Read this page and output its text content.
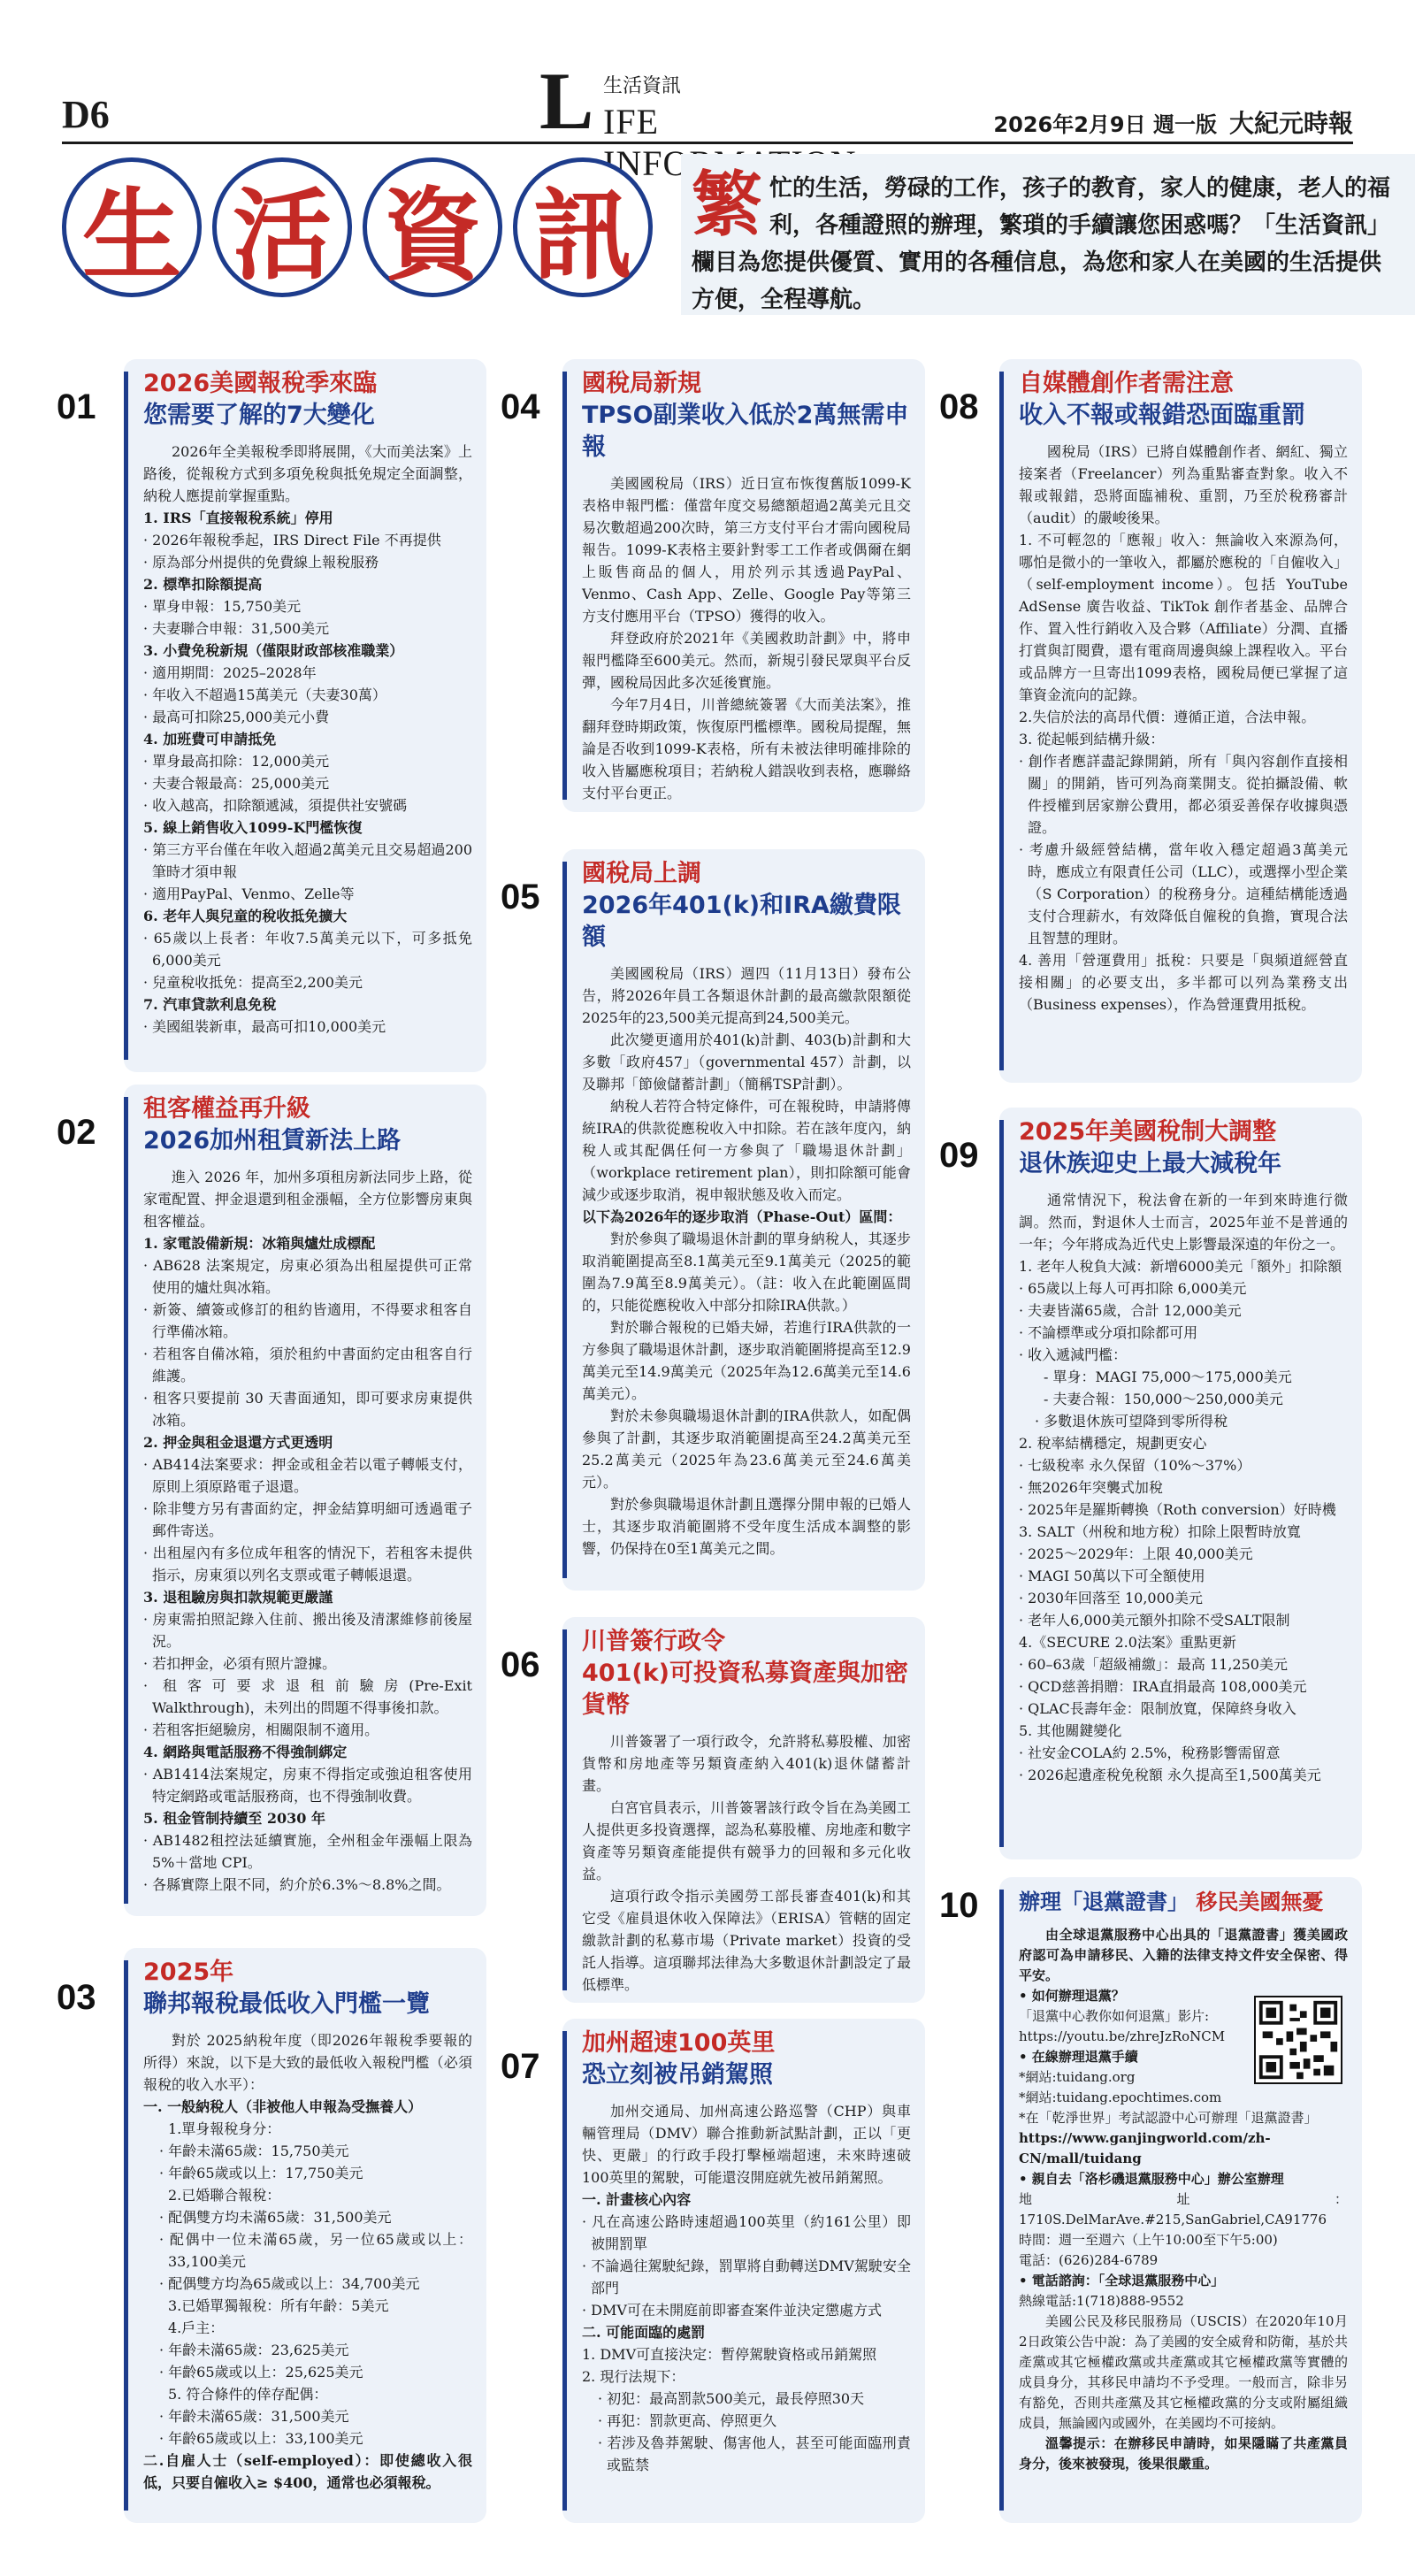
D6	L 生活資訊
IFE	2026年2月9日 週一版 大紀元時報
生 活 資 訊 繁忙的生活，勞碌的工作，孩子的教育，家人的健康，老人的福利，各種證照的辦理，繁瑣的手續讓您困惑嗎？「生活資訊」欄目為您提供優質、實用的各種信息，為您和家人在美國的生活提供方便，全程導航。
01
2026美國報稅季來臨
您需要了解的7大變化

2026年全美報稅季即將展開，《大而美法案》上路後，從報稅方式到多項免稅與抵免規定全面調整，納稅人應提前掌握重點。

1. IRS「直接報稅系統」停用

· 2026年報稅季起，IRS Direct File 不再提供

· 原為部分州提供的免費線上報稅服務

2. 標準扣除額提高

· 單身申報：15,750美元

· 夫妻聯合申報：31,500美元

3. 小費免稅新規（僅限財政部核准職業）

· 適用期間：2025–2028年

· 年收入不超過15萬美元（夫妻30萬）

· 最高可扣除25,000美元小費

4. 加班費可申請抵免

· 單身最高扣除：12,000美元

· 夫妻合報最高：25,000美元

· 收入越高，扣除額遞減，須提供社安號碼

5. 線上銷售收入1099-K門檻恢復

· 第三方平台僅在年收入超過2萬美元且交易超過200筆時才須申報

· 適用PayPal、Venmo、Zelle等

6. 老年人與兒童的稅收抵免擴大

· 65歲以上長者：年收7.5萬美元以下，可多抵免6,000美元

· 兒童稅收抵免：提高至2,200美元

7. 汽車貸款利息免稅

· 美國組裝新車，最高可扣10,000美元

02
租客權益再升級
2026加州租賃新法上路

進入 2026 年，加州多項租房新法同步上路，從家電配置、押金退還到租金漲幅，全方位影響房東與租客權益。

1. 家電設備新規：冰箱與爐灶成標配

· AB628 法案規定，房東必須為出租屋提供可正常使用的爐灶與冰箱。

· 新簽、續簽或修訂的租約皆適用，不得要求租客自行準備冰箱。

· 若租客自備冰箱，須於租約中書面約定由租客自行維護。

· 租客只要提前 30 天書面通知，即可要求房東提供冰箱。

2. 押金與租金退還方式更透明

· AB414法案要求：押金或租金若以電子轉帳支付，原則上須原路電子退還。

· 除非雙方另有書面約定，押金結算明細可透過電子郵件寄送。

· 出租屋內有多位成年租客的情況下，若租客未提供指示，房東須以列名支票或電子轉帳退還。

3. 退租驗房與扣款規範更嚴謹

· 房東需拍照記錄入住前、搬出後及清潔維修前後屋況。

· 若扣押金，必須有照片證據。

· 租客可要求退租前驗房(Pre-Exit Walkthrough)，未列出的問題不得事後扣款。

· 若租客拒絕驗房，相關限制不適用。

4. 網路與電話服務不得強制綁定

· AB1414法案規定，房東不得指定或強迫租客使用特定網路或電話服務商，也不得強制收費。

5. 租金管制持續至 2030 年

· AB1482租控法延續實施，全州租金年漲幅上限為 5%＋當地 CPI。

· 各縣實際上限不同，約介於6.3%～8.8%之間。

03
2025年
聯邦報稅最低收入門檻一覽

對於 2025納稅年度（即2026年報稅季要報的所得）來說，以下是大致的最低收入報稅門檻（必須報稅的收入水平）：

一. 一般納稅人（非被他人申報為受撫養人）

1.單身報稅身分：

· 年齡未滿65歲：15,750美元

· 年齡65歲或以上：17,750美元

2.已婚聯合報稅：

· 配偶雙方均未滿65歲：31,500美元

· 配偶中一位未滿65歲，另一位65歲或以上：33,100美元

· 配偶雙方均為65歲或以上：34,700美元

3.已婚單獨報稅：所有年齡：5美元

4.戶主：

· 年齡未滿65歲：23,625美元

· 年齡65歲或以上：25,625美元

5. 符合條件的倖存配偶：

· 年齡未滿65歲：31,500美元

· 年齡65歲或以上：33,100美元

二.自雇人士（self-employed）：即使總收入很低，只要自僱收入≥ $400，通常也必須報稅。

04
國稅局新規
TPSO副業收入低於2萬無需申報

美國國稅局（IRS）近日宣布恢復舊版1099-K表格申報門檻：僅當年度交易總額超過2萬美元且交易次數超過200次時，第三方支付平台才需向國稅局報告。1099-K表格主要針對零工工作者或偶爾在網上販售商品的個人，用於列示其透過PayPal、Venmo、Cash App、Zelle、Google Pay等第三方支付應用平台（TPSO）獲得的收入。

拜登政府於2021年《美國救助計劃》中，將申報門檻降至600美元。然而，新規引發民眾與平台反彈，國稅局因此多次延後實施。

今年7月4日，川普總統簽署《大而美法案》，推翻拜登時期政策，恢復原門檻標準。國稅局提醒，無論是否收到1099-K表格，所有未被法律明確排除的收入皆屬應稅項目；若納稅人錯誤收到表格，應聯絡支付平台更正。

05
國稅局上調
2026年401(k)和IRA繳費限額

美國國稅局（IRS）週四（11月13日）發布公告，將2026年員工各類退休計劃的最高繳款限額從2025年的23,500美元提高到24,500美元。

此次變更適用於401(k)計劃、403(b)計劃和大多數「政府457」（governmental 457）計劃，以及聯邦「節儉儲蓄計劃」（簡稱TSP計劃）。

納稅人若符合特定條件，可在報稅時，申請將傳統IRA的供款從應稅收入中扣除。若在該年度內，納稅人或其配偶任何一方參與了「職場退休計劃」（workplace retirement plan），則扣除額可能會減少或逐步取消，視申報狀態及收入而定。

以下為2026年的逐步取消（Phase-Out）區間：

對於參與了職場退休計劃的單身納稅人，其逐步取消範圍提高至8.1萬美元至9.1萬美元（2025的範圍為7.9萬至8.9萬美元）。（註：收入在此範圍區間的，只能從應稅收入中部分扣除IRA供款。）

對於聯合報稅的已婚夫婦，若進行IRA供款的一方參與了職場退休計劃，逐步取消範圍將提高至12.9萬美元至14.9萬美元（2025年為12.6萬美元至14.6萬美元）。

對於未參與職場退休計劃的IRA供款人，如配偶參與了計劃，其逐步取消範圍提高至24.2萬美元至25.2萬美元（2025年為23.6萬美元至24.6萬美元）。

對於參與職場退休計劃且選擇分開申報的已婚人士，其逐步取消範圍將不受年度生活成本調整的影響，仍保持在0至1萬美元之間。

06
川普簽行政令
401(k)可投資私募資產與加密貨幣

川普簽署了一項行政令，允許將私募股權、加密貨幣和房地產等另類資產納入401(k)退休儲蓄計畫。

白宮官員表示，川普簽署該行政令旨在為美國工人提供更多投資選擇，認為私募股權、房地產和數字資產等另類資產能提供有競爭力的回報和多元化收益。

這項行政令指示美國勞工部長審查401(k)和其它受《雇員退休收入保障法》（ERISA）管轄的固定繳款計劃的私募市場（Private market）投資的受託人指導。這項聯邦法律為大多數退休計劃設定了最低標準。

07
加州超速100英里
恐立刻被吊銷駕照

加州交通局、加州高速公路巡警（CHP）與車輛管理局（DMV）聯合推動新試點計劃，正以「更快、更嚴」的行政手段打擊極端超速，未來時速破100英里的駕駛，可能還沒開庭就先被吊銷駕照。

一. 計畫核心內容

· 凡在高速公路時速超過100英里（約161公里）即被開罰單

· 不論過往駕駛紀錄，罰單將自動轉送DMV駕駛安全部門

· DMV可在未開庭前即審查案件並決定懲處方式

二. 可能面臨的處罰

1. DMV可直接決定：暫停駕駛資格或吊銷駕照

2. 現行法規下：

· 初犯：最高罰款500美元，最長停照30天

· 再犯：罰款更高、停照更久

· 若涉及魯莽駕駛、傷害他人，甚至可能面臨刑責或監禁

08
自媒體創作者需注意
收入不報或報錯恐面臨重罰

國稅局（IRS）已將自媒體創作者、網紅、獨立接案者（Freelancer）列為重點審查對象。收入不報或報錯，恐將面臨補稅、重罰，乃至於稅務審計（audit）的嚴峻後果。

1. 不可輕忽的「應報」收入：無論收入來源為何，哪怕是微小的一筆收入，都屬於應稅的「自僱收入」（self-employment income）。包括 YouTube AdSense 廣告收益、TikTok 創作者基金、品牌合作、置入性行銷收入及合夥（Affiliate）分潤、直播打賞與訂閱費，還有電商周邊與線上課程收入。平台或品牌方一旦寄出1099表格，國稅局便已掌握了這筆資金流向的記錄。

2.失信於法的高昂代價：遵循正道，合法申報。

3. 從起帳到結構升級：

· 創作者應詳盡記錄開銷，所有「與內容創作直接相關」的開銷，皆可列為商業開支。從拍攝設備、軟件授權到居家辦公費用，都必須妥善保存收據與憑證。

· 考慮升級經營結構，當年收入穩定超過3萬美元時，應成立有限責任公司（LLC），或選擇小型企業（S Corporation）的稅務身分。這種結構能透過支付合理薪水，有效降低自僱稅的負擔，實現合法且智慧的理財。

4. 善用「營運費用」抵稅：只要是「與頻道經營直接相關」的必要支出，多半都可以列為業務支出（Business expenses），作為營運費用抵稅。

09
2025年美國稅制大調整
退休族迎史上最大減稅年

通常情況下，稅法會在新的一年到來時進行微調。然而，對退休人士而言，2025年並不是普通的一年；今年將成為近代史上影響最深遠的年份之一。

1. 老年人稅負大減：新增6000美元「額外」扣除額

· 65歲以上每人可再扣除 6,000美元

· 夫妻皆滿65歲，合計 12,000美元

· 不論標準或分項扣除都可用

· 收入遞減門檻：

- 單身：MAGI 75,000～175,000美元

- 夫妻合報：150,000～250,000美元

· 多數退休族可望降到零所得稅

2. 稅率結構穩定，規劃更安心

· 七級稅率 永久保留（10%～37%）

· 無2026年突襲式加稅

· 2025年是羅斯轉換（Roth conversion）好時機

3. SALT（州稅和地方稅）扣除上限暫時放寬

· 2025～2029年：上限 40,000美元

· MAGI 50萬以下可全額使用

· 2030年回落至 10,000美元

· 老年人6,000美元額外扣除不受SALT限制

4.《SECURE 2.0法案》重點更新

· 60–63歲「超級補繳」：最高 11,250美元

· QCD慈善捐贈：IRA直捐最高 108,000美元

· QLAC長壽年金：限制放寬，保障終身收入

5. 其他關鍵變化

· 社安金COLA約 2.5%，稅務影響需留意

· 2026起遺產稅免稅額 永久提高至1,500萬美元

10 辦理「退黨證書」 移民美國無憂

由全球退黨服務中心出具的「退黨證書」獲美國政府認可為申請移民、入籍的法律支持文件安全保密、得平安。

• 如何辦理退黨？

「退黨中心教你如何退黨」影片:

https://youtu.be/zhreJzRoNCM

• 在線辦理退黨手續

*網站:tuidang.org

*網站:tuidang.epochtimes.com

*在「乾淨世界」考試認證中心可辦理「退黨證書」

https://www.ganjingworld.com/zh-CN/mall/tuidang

• 親自去「洛杉磯退黨服務中心」辦公室辦理

地址：1710S.DelMarAve.#215,SanGabriel,CA91776

時間：週一至週六（上午10:00至下午5:00)

電話：(626)284-6789

• 電話諮詢：「全球退黨服務中心」

熱線電話:1(718)888-9552

美國公民及移民服務局（USCIS）在2020年10月2日政策公告中說：為了美國的安全威脅和防衛，基於共產黨或其它極權政黨或共產黨或其它極權政黨等實體的成員身分，其移民申請均不予受理。一般而言，除非另有豁免，否則共產黨及其它極權政黨的分支或附屬組織成員，無論國內或國外，在美國均不可接納。

溫馨提示：在辦移民申請時，如果隱瞞了共產黨員身分，後來被發現，後果很嚴重。
